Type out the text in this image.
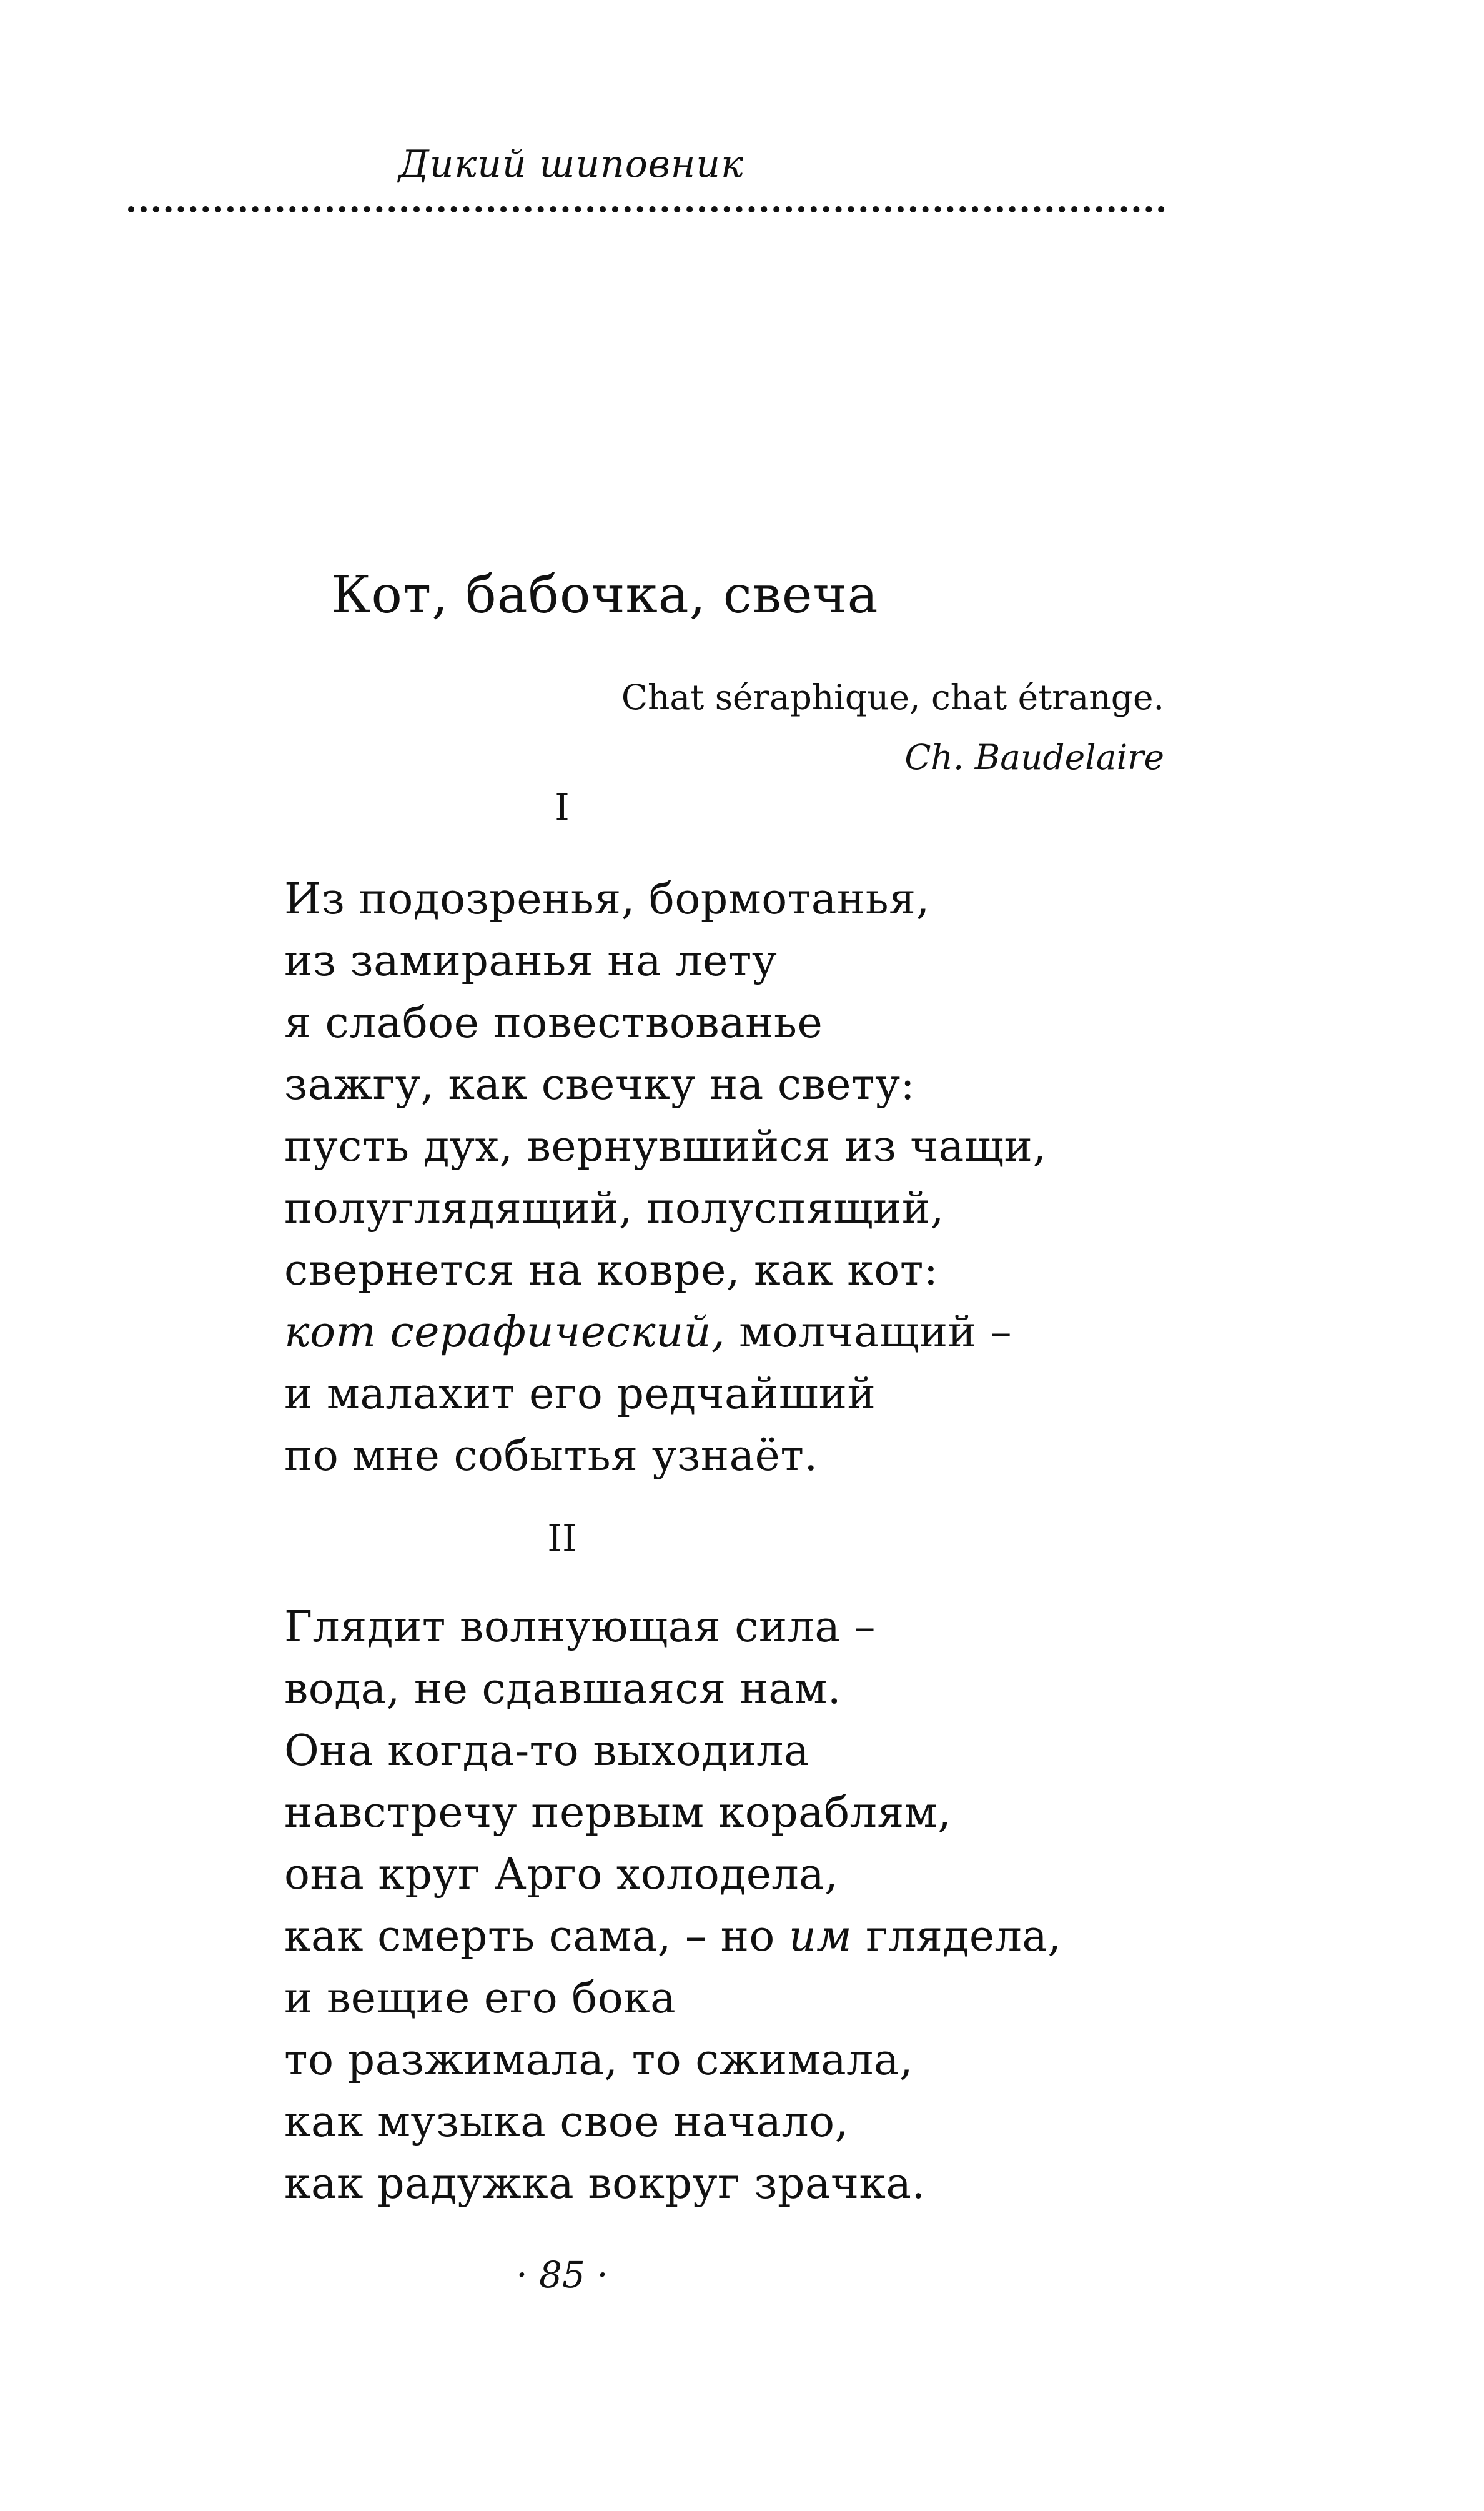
Дикий шиповник
Кот, бабочка, свеча
Chat séraphique, chat étrange.
Ch. Baudelaire
I
Из подозренья, бормотанья,
из замиранья на лету
я слабое повествованье
зажгу, как свечку на свету:
пусть дух, вернувшийся из чащи,
полуглядящий, полуспящий,
свернется на ковре, как кот:
кот серафический, молчащий –
и малахит его редчайший
по мне событья узнаёт.
II
Глядит волнующая сила –
вода, не сдавшаяся нам.
Она когда-то выходила
навстречу первым кораблям,
она круг Арго холодела,
как смерть сама, – но им глядела,
и вещие его бока
то разжимала, то сжимала,
как музыка свое начало,
как радужка вокруг зрачка.
· 85 ·
